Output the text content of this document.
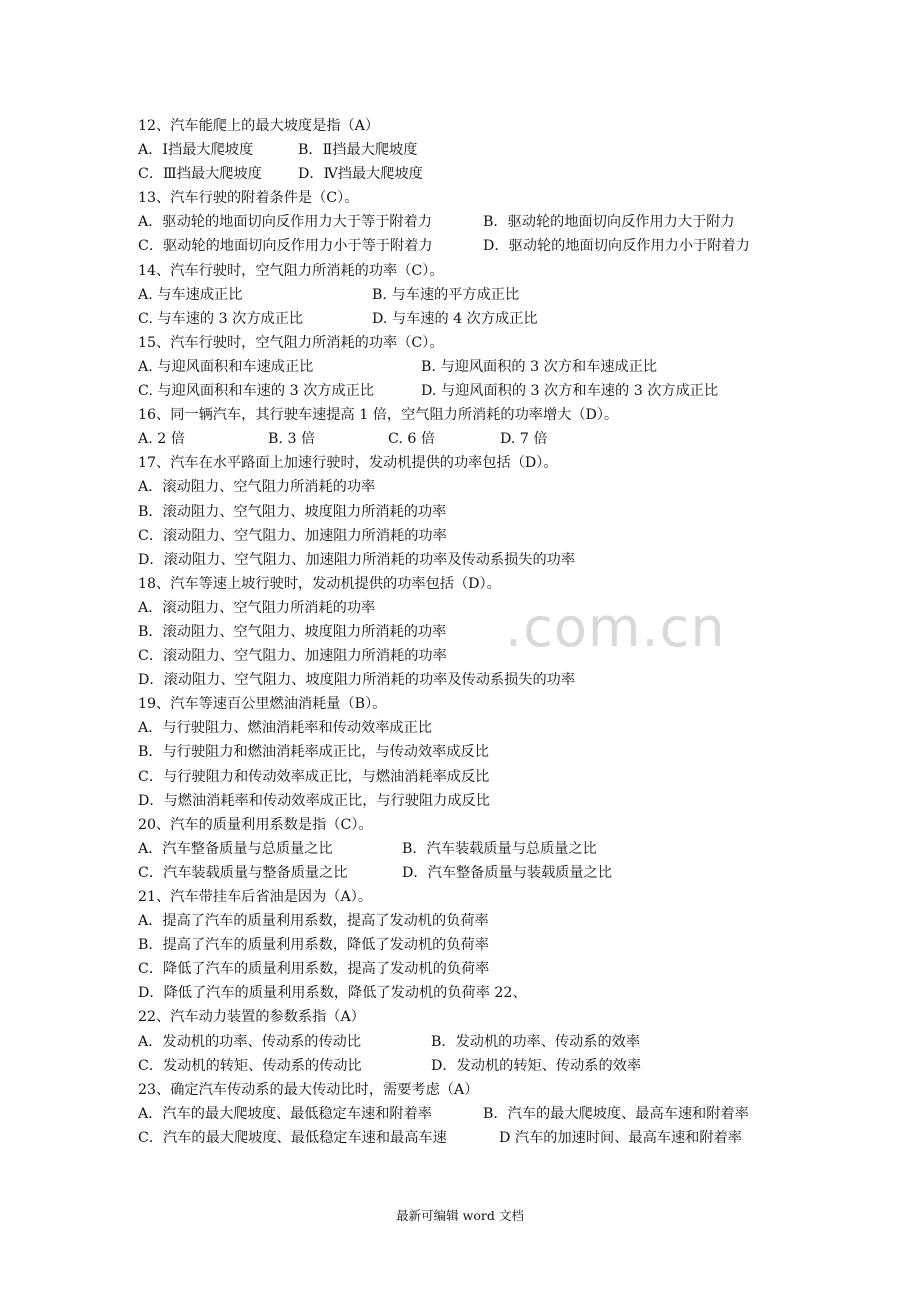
.com.cn
12、汽车能爬上的最大坡度是指（A）
A．Ⅰ挡最大爬坡度	B．Ⅱ挡最大爬坡度
C．Ⅲ挡最大爬坡度	D．Ⅳ挡最大爬坡度
13、汽车行驶的附着条件是（C）。
A．驱动轮的地面切向反作用力大于等于附着力	B．驱动轮的地面切向反作用力大于附力
C．驱动轮的地面切向反作用力小于等于附着力	D．驱动轮的地面切向反作用力小于附着力
14、汽车行驶时，空气阻力所消耗的功率（C）。
A. 与车速成正比	B. 与车速的平方成正比
C. 与车速的 3 次方成正比	D. 与车速的 4 次方成正比
15、汽车行驶时，空气阻力所消耗的功率（C）。
A. 与迎风面积和车速成正比	B. 与迎风面积的 3 次方和车速成正比
C. 与迎风面积和车速的 3 次方成正比	D. 与迎风面积的 3 次方和车速的 3 次方成正比
16、同一辆汽车，其行驶车速提高 1 倍，空气阻力所消耗的功率增大（D）。
A. 2 倍	B. 3 倍	C. 6 倍	D. 7 倍
17、汽车在水平路面上加速行驶时，发动机提供的功率包括（D）。
A．滚动阻力、空气阻力所消耗的功率
B．滚动阻力、空气阻力、坡度阻力所消耗的功率
C．滚动阻力、空气阻力、加速阻力所消耗的功率
D．滚动阻力、空气阻力、加速阻力所消耗的功率及传动系损失的功率
18、汽车等速上坡行驶时，发动机提供的功率包括（D）。
A．滚动阻力、空气阻力所消耗的功率
B．滚动阻力、空气阻力、坡度阻力所消耗的功率
C．滚动阻力、空气阻力、加速阻力所消耗的功率
D．滚动阻力、空气阻力、坡度阻力所消耗的功率及传动系损失的功率
19、汽车等速百公里燃油消耗量（B）。
A．与行驶阻力、燃油消耗率和传动效率成正比
B．与行驶阻力和燃油消耗率成正比，与传动效率成反比
C．与行驶阻力和传动效率成正比，与燃油消耗率成反比
D．与燃油消耗率和传动效率成正比，与行驶阻力成反比
20、汽车的质量利用系数是指（C）。
A．汽车整备质量与总质量之比	B．汽车装载质量与总质量之比
C．汽车装载质量与整备质量之比	D．汽车整备质量与装载质量之比
21、汽车带挂车后省油是因为（A）。
A．提高了汽车的质量利用系数，提高了发动机的负荷率
B．提高了汽车的质量利用系数，降低了发动机的负荷率
C．降低了汽车的质量利用系数，提高了发动机的负荷率
D．降低了汽车的质量利用系数，降低了发动机的负荷率 22、
22、汽车动力装置的参数系指（A）
A．发动机的功率、传动系的传动比	B．发动机的功率、传动系的效率
C．发动机的转矩、传动系的传动比	D．发动机的转矩、传动系的效率
23、确定汽车传动系的最大传动比时，需要考虑（A）
A．汽车的最大爬坡度、最低稳定车速和附着率	B．汽车的最大爬坡度、最高车速和附着率
C．汽车的最大爬坡度、最低稳定车速和最高车速	D 汽车的加速时间、最高车速和附着率
最新可编辑 word 文档
